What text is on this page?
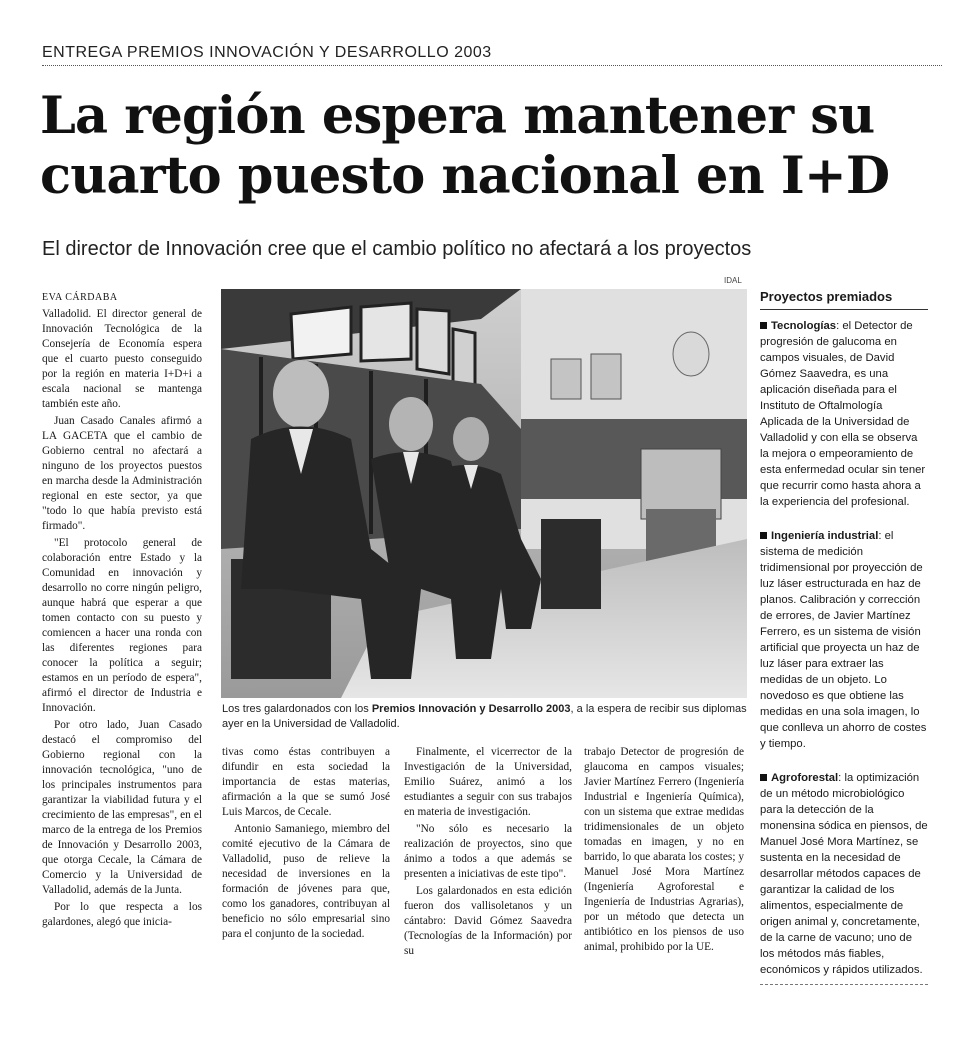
ENTREGA PREMIOS INNOVACIÓN Y DESARROLLO 2003
La región espera mantener su
cuarto puesto nacional en I+D

El director de Innovación cree que el cambio político no afectará a los proyectos

IDAL

EVA CÁRDABA

Valladolid. El director general de Innovación Tecnológica de la Consejería de Economía espera que el cuarto puesto conseguido por la región en materia I+D+i a escala nacional se mantenga también este año.

Juan Casado Canales afirmó a LA GACETA que el cambio de Gobierno central no afectará a ninguno de los proyectos puestos en marcha desde la Administración regional en este sector, ya que "todo lo que había previsto está firmado".

"El protocolo general de colaboración entre Estado y la Comunidad en innovación y desarrollo no corre ningún peligro, aunque habrá que esperar a que tomen contacto con su puesto y comiencen a hacer una ronda con las diferentes regiones para conocer la política a seguir; estamos en un período de espera", afirmó el director de Industria e Innovación.

Por otro lado, Juan Casado destacó el compromiso del Gobierno regional con la innovación tecnológica, "uno de los principales instrumentos para garantizar la viabilidad futura y el crecimiento de las empresas", en el marco de la entrega de los Premios de Innovación y Desarrollo 2003, que otorga Cecale, la Cámara de Comercio y la Universidad de Valladolid, además de la Junta.

Por lo que respecta a los galardones, alegó que inicia-

Los tres galardonados con los Premios Innovación y Desarrollo 2003, a la espera de recibir sus diplomas ayer en la Universidad de Valladolid.

tivas como éstas contribuyen a difundir en esta sociedad la importancia de estas materias, afirmación a la que se sumó José Luis Marcos, de Cecale.

Antonio Samaniego, miembro del comité ejecutivo de la Cámara de Valladolid, puso de relieve la necesidad de inversiones en la formación de jóvenes para que, como los ganadores, contribuyan al beneficio no sólo empresarial sino para el conjunto de la sociedad.

Finalmente, el vicerrector de la Investigación de la Universidad, Emilio Suárez, animó a los estudiantes a seguir con sus trabajos en materia de investigación.

"No sólo es necesario la realización de proyectos, sino que ánimo a todos a que además se presenten a iniciativas de este tipo".

Los galardonados en esta edición fueron dos vallisoletanos y un cántabro: David Gómez Saavedra (Tecnologías de la Información) por su

trabajo Detector de progresión de glaucoma en campos visuales; Javier Martínez Ferrero (Ingeniería Industrial e Ingeniería Química), con un sistema que extrae medidas tridimensionales de un objeto tomadas en imagen, y no en barrido, lo que abarata los costes; y Manuel José Mora Martínez (Ingeniería Agroforestal e Ingeniería de Industrias Agrarias), por un método que detecta un antibiótico en los piensos de uso animal, prohibido por la UE.

Proyectos premiados
Tecnologías: el Detector de progresión de galucoma en campos visuales, de David Gómez Saavedra, es una aplicación diseñada para el Instituto de Oftalmología Aplicada de la Universidad de Valladolid y con ella se observa la mejora o empeoramiento de esta enfermedad ocular sin tener que recurrir como hasta ahora a la experiencia del profesional.
Ingeniería industrial: el sistema de medición tridimensional por proyección de luz láser estructurada en haz de planos. Calibración y corrección de errores, de Javier Martínez Ferrero, es un sistema de visión artificial que proyecta un haz de luz láser para extraer las medidas de un objeto. Lo novedoso es que obtiene las medidas en una sola imagen, lo que conlleva un ahorro de costes y tiempo.
Agroforestal: la optimización de un método microbiológico para la detección de la monensina sódica en piensos, de Manuel José Mora Martínez, se sustenta en la necesidad de desarrollar métodos capaces de garantizar la calidad de los alimentos, especialmente de origen animal y, concretamente, de la carne de vacuno; uno de los métodos más fiables, económicos y rápidos utilizados.
